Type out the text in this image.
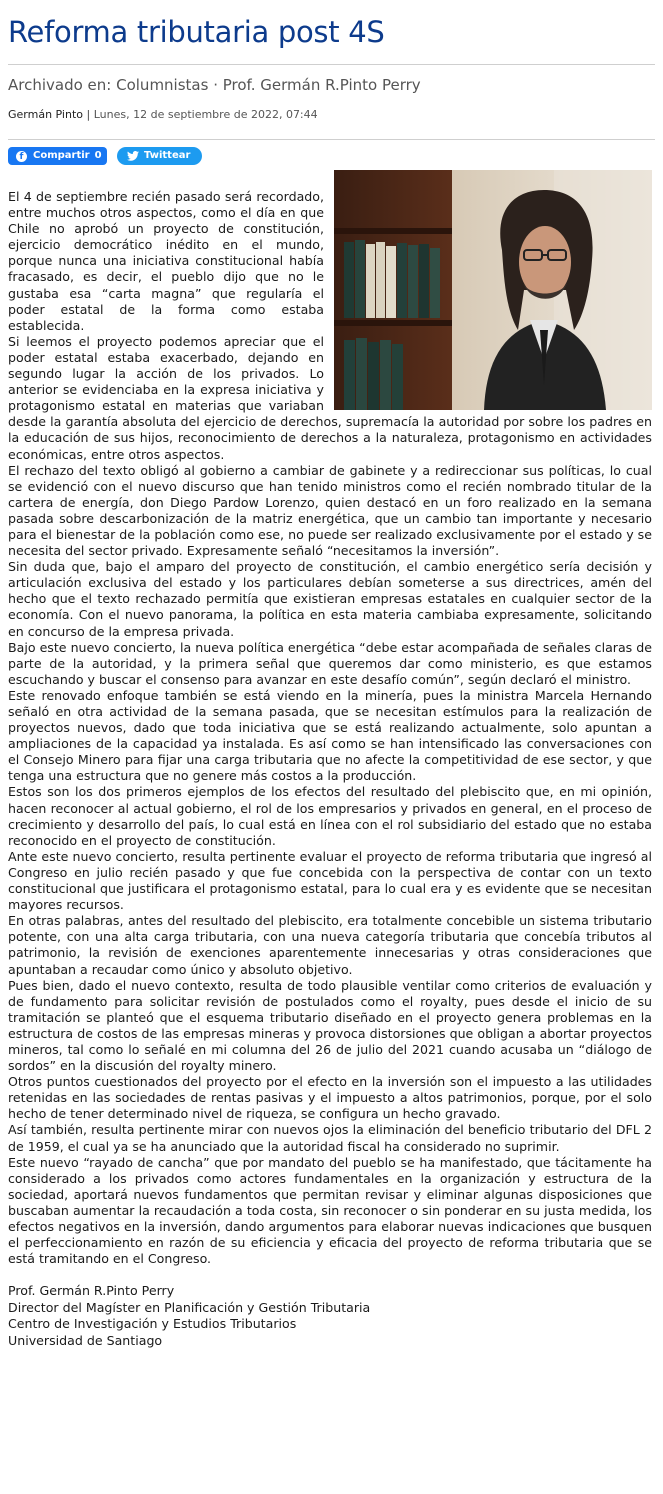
Reforma tributaria post 4S
Archivado en: Columnistas · Prof. Germán R.Pinto Perry
Germán Pinto | Lunes, 12 de septiembre de 2022, 07:44
f Compartir 0	Twittear

El 4 de septiembre recién pasado será recordado, entre muchos otros aspectos, como el día en que Chile no aprobó un proyecto de constitución, ejercicio democrático inédito en el mundo, porque nunca una iniciativa constitucional había fracasado, es decir, el pueblo dijo que no le gustaba esa “carta magna” que regularía el poder estatal de la forma como estaba establecida.

Si leemos el proyecto podemos apreciar que el poder estatal estaba exacerbado, dejando en segundo lugar la acción de los privados. Lo anterior se evidenciaba en la expresa iniciativa y protagonismo estatal en materias que variaban desde la garantía absoluta del ejercicio de derechos, supremacía la autoridad por sobre los padres en la educación de sus hijos, reconocimiento de derechos a la naturaleza, protagonismo en actividades económicas, entre otros aspectos.

El rechazo del texto obligó al gobierno a cambiar de gabinete y a redireccionar sus políticas, lo cual se evidenció con el nuevo discurso que han tenido ministros como el recién nombrado titular de la cartera de energía, don Diego Pardow Lorenzo, quien destacó en un foro realizado en la semana pasada sobre descarbonización de la matriz energética, que un cambio tan importante y necesario para el bienestar de la población como ese, no puede ser realizado exclusivamente por el estado y se necesita del sector privado. Expresamente señaló “necesitamos la inversión”.

Sin duda que, bajo el amparo del proyecto de constitución, el cambio energético sería decisión y articulación exclusiva del estado y los particulares debían someterse a sus directrices, amén del hecho que el texto rechazado permitía que existieran empresas estatales en cualquier sector de la economía. Con el nuevo panorama, la política en esta materia cambiaba expresamente, solicitando en concurso de la empresa privada.

Bajo este nuevo concierto, la nueva política energética “debe estar acompañada de señales claras de parte de la autoridad, y la primera señal que queremos dar como ministerio, es que estamos escuchando y buscar el consenso para avanzar en este desafío común”, según declaró el ministro.

Este renovado enfoque también se está viendo en la minería, pues la ministra Marcela Hernando señaló en otra actividad de la semana pasada, que se necesitan estímulos para la realización de proyectos nuevos, dado que toda iniciativa que se está realizando actualmente, solo apuntan a ampliaciones de la capacidad ya instalada. Es así como se han intensificado las conversaciones con el Consejo Minero para fijar una carga tributaria que no afecte la competitividad de ese sector, y que tenga una estructura que no genere más costos a la producción.

Estos son los dos primeros ejemplos de los efectos del resultado del plebiscito que, en mi opinión, hacen reconocer al actual gobierno, el rol de los empresarios y privados en general, en el proceso de crecimiento y desarrollo del país, lo cual está en línea con el rol subsidiario del estado que no estaba reconocido en el proyecto de constitución.

Ante este nuevo concierto, resulta pertinente evaluar el proyecto de reforma tributaria que ingresó al Congreso en julio recién pasado y que fue concebida con la perspectiva de contar con un texto constitucional que justificara el protagonismo estatal, para lo cual era y es evidente que se necesitan mayores recursos.

En otras palabras, antes del resultado del plebiscito, era totalmente concebible un sistema tributario potente, con una alta carga tributaria, con una nueva categoría tributaria que concebía tributos al patrimonio, la revisión de exenciones aparentemente innecesarias y otras consideraciones que apuntaban a recaudar como único y absoluto objetivo.

Pues bien, dado el nuevo contexto, resulta de todo plausible ventilar como criterios de evaluación y de fundamento para solicitar revisión de postulados como el royalty, pues desde el inicio de su tramitación se planteó que el esquema tributario diseñado en el proyecto genera problemas en la estructura de costos de las empresas mineras y provoca distorsiones que obligan a abortar proyectos mineros, tal como lo señalé en mi columna del 26 de julio del 2021 cuando acusaba un “diálogo de sordos” en la discusión del royalty minero.

Otros puntos cuestionados del proyecto por el efecto en la inversión son el impuesto a las utilidades retenidas en las sociedades de rentas pasivas y el impuesto a altos patrimonios, porque, por el solo hecho de tener determinado nivel de riqueza, se configura un hecho gravado.

Así también, resulta pertinente mirar con nuevos ojos la eliminación del beneficio tributario del DFL 2 de 1959, el cual ya se ha anunciado que la autoridad fiscal ha considerado no suprimir.

Este nuevo “rayado de cancha” que por mandato del pueblo se ha manifestado, que tácitamente ha considerado a los privados como actores fundamentales en la organización y estructura de la sociedad, aportará nuevos fundamentos que permitan revisar y eliminar algunas disposiciones que buscaban aumentar la recaudación a toda costa, sin reconocer o sin ponderar en su justa medida, los efectos negativos en la inversión, dando argumentos para elaborar nuevas indicaciones que busquen el perfeccionamiento en razón de su eficiencia y eficacia del proyecto de reforma tributaria que se está tramitando en el Congreso.

Prof. Germán R.Pinto Perry
Director del Magíster en Planificación y Gestión Tributaria
Centro de Investigación y Estudios Tributarios
Universidad de Santiago
